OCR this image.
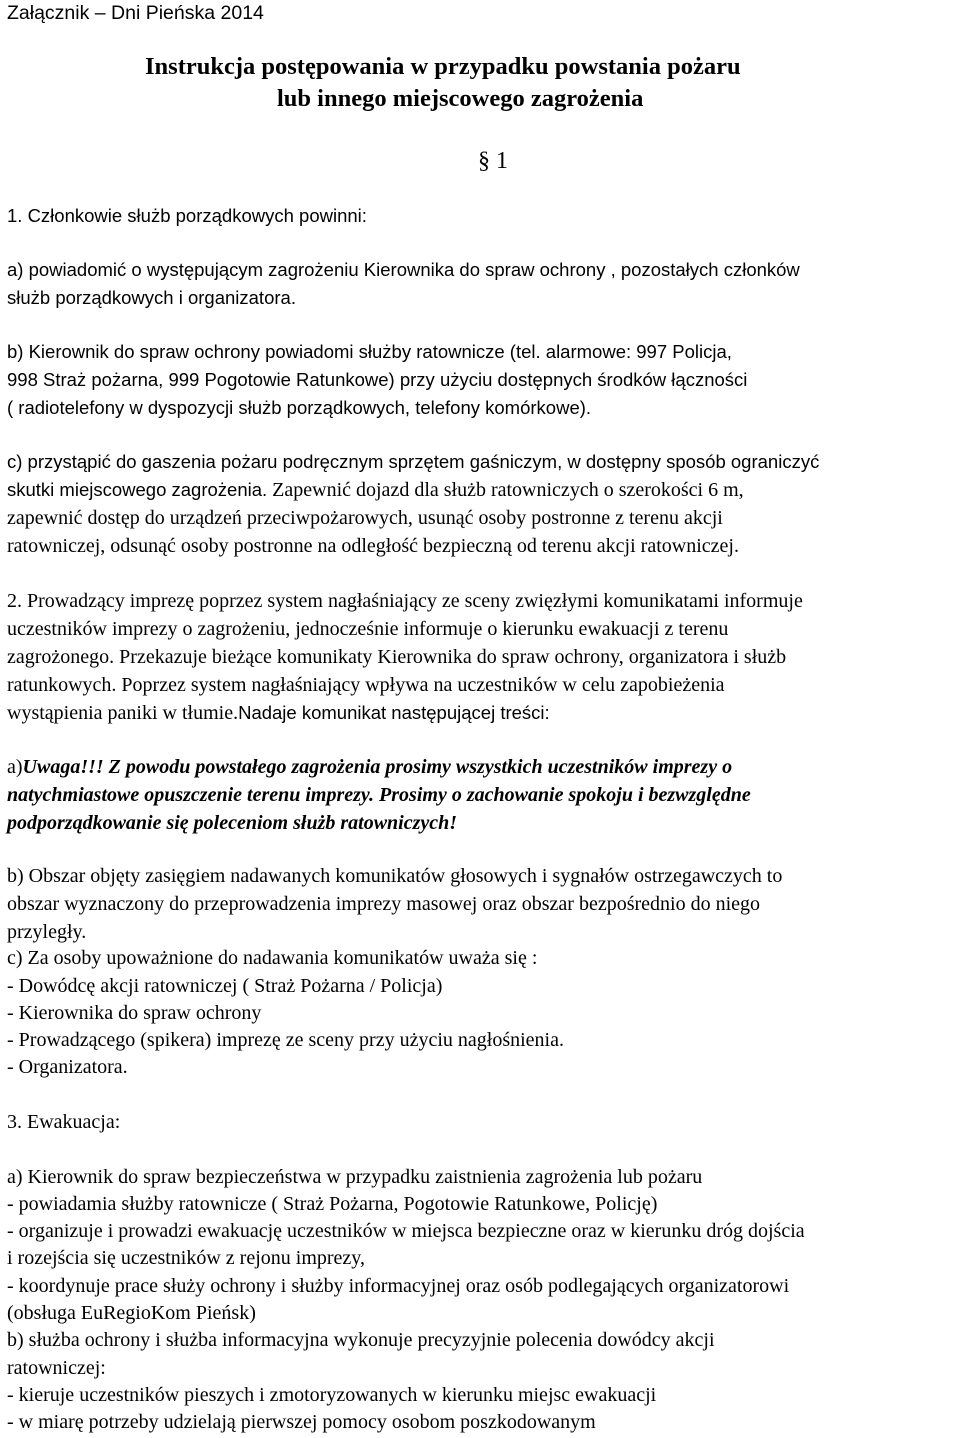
Załącznik – Dni Pieńska 2014
Instrukcja postępowania w przypadku powstania pożaru
lub innego miejscowego zagrożenia
§ 1
1. Członkowie służb porządkowych powinni:
a) powiadomić o występującym zagrożeniu Kierownika do spraw ochrony , pozostałych członków
służb porządkowych i organizatora.
b) Kierownik do spraw ochrony powiadomi służby ratownicze (tel. alarmowe: 997 Policja,
998 Straż pożarna, 999 Pogotowie Ratunkowe) przy użyciu dostępnych środków łączności
( radiotelefony w dyspozycji służb porządkowych, telefony komórkowe).
c) przystąpić do gaszenia pożaru podręcznym sprzętem gaśniczym, w dostępny sposób ograniczyć
skutki miejscowego zagrożenia. Zapewnić dojazd dla służb ratowniczych o szerokości 6 m,
zapewnić dostęp do urządzeń przeciwpożarowych, usunąć osoby postronne z terenu akcji
ratowniczej, odsunąć osoby postronne na odległość bezpieczną od terenu akcji ratowniczej.
2. Prowadzący imprezę poprzez system nagłaśniający ze sceny zwięzłymi komunikatami informuje
uczestników imprezy o zagrożeniu, jednocześnie informuje o kierunku ewakuacji z terenu
zagrożonego. Przekazuje bieżące komunikaty Kierownika do spraw ochrony, organizatora i służb
ratunkowych. Poprzez system nagłaśniający wpływa na uczestników w celu zapobieżenia
wystąpienia paniki w tłumie.Nadaje komunikat następującej treści:
a)Uwaga!!! Z powodu powstałego zagrożenia prosimy wszystkich uczestników imprezy o
natychmiastowe opuszczenie terenu imprezy. Prosimy o zachowanie spokoju i bezwzględne
podporządkowanie się poleceniom służb ratowniczych!
b) Obszar objęty zasięgiem nadawanych komunikatów głosowych i sygnałów ostrzegawczych to
obszar wyznaczony do przeprowadzenia imprezy masowej oraz obszar bezpośrednio do niego
przyległy.
c) Za osoby upoważnione do nadawania komunikatów uważa się :
- Dowódcę akcji ratowniczej ( Straż Pożarna / Policja)
- Kierownika do spraw ochrony
- Prowadzącego (spikera) imprezę ze sceny przy użyciu nagłośnienia.
- Organizatora.
3. Ewakuacja:
a) Kierownik do spraw bezpieczeństwa w przypadku zaistnienia zagrożenia lub pożaru
- powiadamia służby ratownicze ( Straż Pożarna, Pogotowie Ratunkowe, Policję)
- organizuje i prowadzi ewakuację uczestników w miejsca bezpieczne oraz w kierunku dróg dojścia
i rozejścia się uczestników z rejonu imprezy,
- koordynuje prace służy ochrony i służby informacyjnej oraz osób podlegających organizatorowi
(obsługa EuRegioKom Pieńsk)
b) służba ochrony i służba informacyjna wykonuje precyzyjnie polecenia dowódcy akcji
ratowniczej:
- kieruje uczestników pieszych i zmotoryzowanych w kierunku miejsc ewakuacji
- w miarę potrzeby udzielają pierwszej pomocy osobom poszkodowanym
